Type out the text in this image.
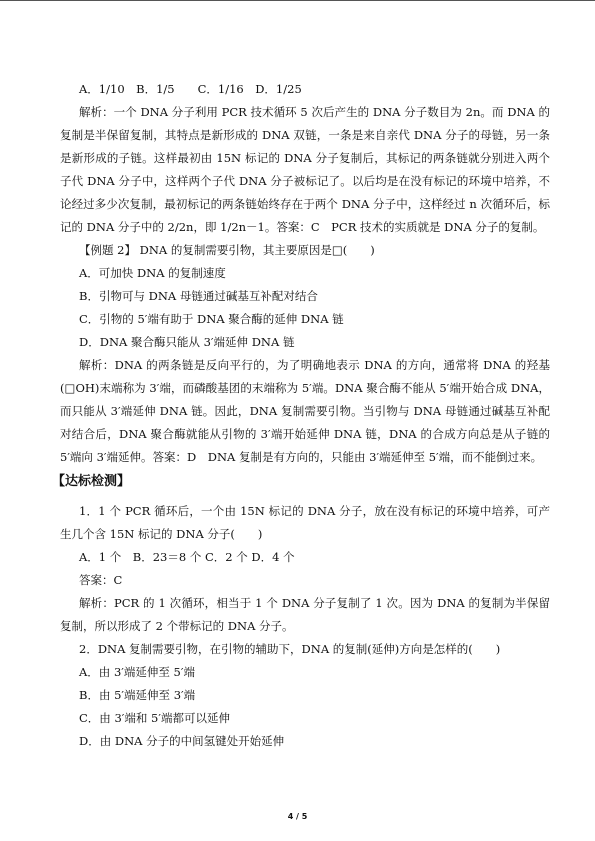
A．1/10　B．1/5　　C．1/16　D．1/25

解析：一个 DNA 分子利用 PCR 技术循环 5 次后产生的 DNA 分子数目为 2n。而 DNA 的复制是半保留复制，其特点是新形成的 DNA 双链，一条是来自亲代 DNA 分子的母链，另一条是新形成的子链。这样最初由 15N 标记的 DNA 分子复制后，其标记的两条链就分别进入两个子代 DNA 分子中，这样两个子代 DNA 分子被标记了。以后均是在没有标记的环境中培养，不论经过多少次复制，最初标记的两条链始终存在于两个 DNA 分子中，这样经过 n 次循环后，标记的 DNA 分子中的 2/2n，即 1/2n－1。答案：C　PCR 技术的实质就是 DNA 分子的复制。

【例题 2】 DNA 的复制需要引物，其主要原因是□(　　)

A．可加快 DNA 的复制速度

B．引物可与 DNA 母链通过碱基互补配对结合

C．引物的 5′端有助于 DNA 聚合酶的延伸 DNA 链

D．DNA 聚合酶只能从 3′端延伸 DNA 链

解析：DNA 的两条链是反向平行的，为了明确地表示 DNA 的方向，通常将 DNA 的羟基(□OH)末端称为 3′端，而磷酸基团的末端称为 5′端。DNA 聚合酶不能从 5′端开始合成 DNA，而只能从 3′端延伸 DNA 链。因此，DNA 复制需要引物。当引物与 DNA 母链通过碱基互补配对结合后，DNA 聚合酶就能从引物的 3′端开始延伸 DNA 链，DNA 的合成方向总是从子链的 5′端向 3′端延伸。答案：D　DNA 复制是有方向的，只能由 3′端延伸至 5′端，而不能倒过来。

【达标检测】

1．1 个 PCR 循环后，一个由 15N 标记的 DNA 分子，放在没有标记的环境中培养，可产生几个含 15N 标记的 DNA 分子(　　)

A．1 个　B．23＝8 个 C．2 个 D．4 个

答案：C

解析：PCR 的 1 次循环，相当于 1 个 DNA 分子复制了 1 次。因为 DNA 的复制为半保留复制，所以形成了 2 个带标记的 DNA 分子。

2．DNA 复制需要引物，在引物的辅助下，DNA 的复制(延伸)方向是怎样的(　　)

A．由 3′端延伸至 5′端

B．由 5′端延伸至 3′端

C．由 3′端和 5′端都可以延伸

D．由 DNA 分子的中间氢键处开始延伸

4 / 5
